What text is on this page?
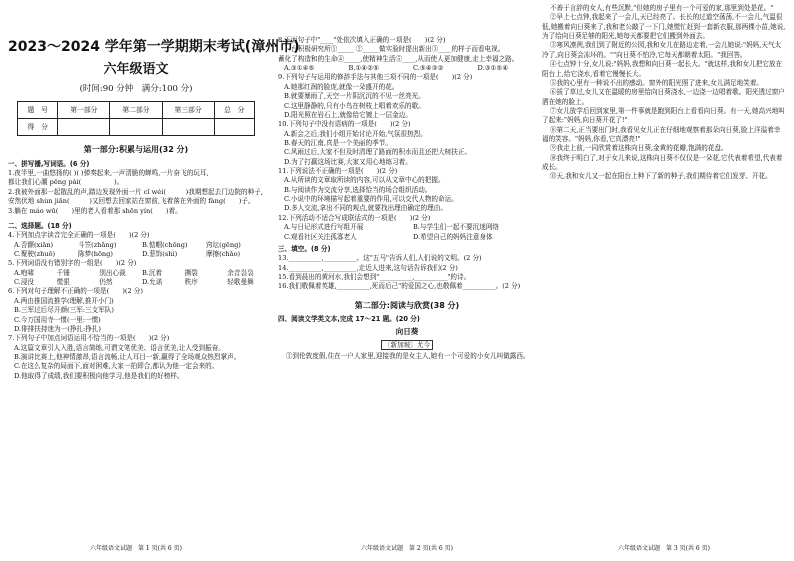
2023～2024 学年第一学期期末考试(漳州市)
六年级语文
(时间:90 分钟　满分:100 分)
题　号	第一部分	第二部分	第三部分	总　分
得　分				
第一部分:积累与运用(32 分)
一、拼写播,写词语。(6 分)
1.夜半里,一曲悠扬的( )( )弹奏起来,一声清脆的蝉鸣,一片奋飞的玩耳,
都让我们心潮 pēng pài(　　　　　)。
2.我被外面那一起散乱的声,踏边发现外面一片 cǐ wéi(　　　)我期想起去门边院的种子,
安然伏地 shùn jiān(　　　)又回想去回家站在窗前,飞着落在外面的 fàng(　　)子。
3.躺在 máo wū(　　)里的老人看着那 shēn yín(　　)着。
二、选择题。(18 分)
4.下列加点字读音完全正确的一项是(　　)(2 分)
A.否颤(xiān)	斗笠(zhǎng)	B.惦帽(chōng)	窍坛(gēng)
C.聚驶(zhuō)	陈梦(hōng)	D.惹饰(shì)	摩擦(chǎo)
5.下列词语没有错别字的一组是(　　)(2 分)
A.咆啸	千锤	别出心裁	B.沉着	撕裂	余音袅袅
C.浸没	慌狠	仍然	D.允诺	秩序	轻歌曼舞
6.下列对句子理解不正确的一项是(　　)(2 分)
A.两由推国流推学(理解,推开小门)
B.三军过后尽开颜(三军:三支军队)
C.今万国用寺一惯(一里:一惯)
D.俳排扶持迷为一(挣扎:挣扎)
7.下列句子中加点词语运用不恰当的一项是(　　)(2 分)
A.这篇文章引人入胜,语言简练,可谓文笔优美、语言优美,让人受到振奋。
B.演讲比赛上,他神情激昂,语言流畅,让人耳目一新,赢得了全场观众热烈掌声。
C.在这么复杂的局面下,面对困难,大家一拍即合,都认为他一定会来的。
D.他取得了成绩,我们要积极向他学习,他是我们的好榜样。
六年级语文试题　第 1 页(共 6 页)
8.下面句子中"____"处依次填入正确的一项是(　　)(2 分)
　　台积极研究所①_____ ②_____做实验时提出新出③____的样子而看电视。
蓄化了构造和的生命④_____,使精神生活⑤____,从而使人更加健康,走上幸福之路。
A.③①④⑤	B.①④②⑤	C.⑤④③②	D.③①⑤④
9.下列句子与运用的修辞手法与其他三项不同的一项是(　　)(2 分)
A.她那红润的脸庞,就像一朵盛开的花。
B.就要暴雨了,天空一片阴沉沉的不见一丝亮光。
C.这里静静的,只有小鸟在树枝上唱着欢乐的歌。
D.阳光照在岩石上,就像给它镀上一层金边。
10.下列句子中没有语病的一项是(　　)(2 分)
A.新会之后,我们小组开始讨论开始,气氛很热烈。
B.春天的江南,真是一个美丽的季节。
C.风雨过后,大家不但及时清理了路面的积水而且还把大树扶正。
D.为了打赢这场比赛,大家又用心地练习着。
11.下列说法不正确的一项是(　　)(2 分)
A.从所读的文章取所读的内容,可以从文章中心的把握。
B.与阅读作为交流分享,选择恰当的场合组织活动。
C.小说中的环境描写起着重要的作用,可以交代人物的命运。
D.多人交流,拿出不同的观点,就要找出理由确定的理由。
12.下列活动不适合写成联话式的一项是(　　)(2 分)
A.与日记形式进行写组开展	B.与学生们一起不要沉迷网络
C.观看社区关注孤寡老人	D.希望自己的妈妈注意身体
三、填空。(8 分)
13.__________,__________。这"五马"告诉人们,人们说的文明。(2 分)
14.__________,__________,走近人进来,这句话告诉我们(2 分)
15.看到晨出的黄河水,我们会想到"__________,__________"的诗。
16.我们敬佩着英雄,__________,死而后己"的爱国之心,也敬佩着__________。(2 分)
第二部分:阅读与欣赏(38 分)
四、阅读文学类文本,完成 17～21 题。(20 分)
向日葵
〔新加坡〕尤今
①到伦敦度假,住在一户人家里,迎接我的是女主人,她有一个可爱的小女儿叫做露西。
六年级语文试题　第 2 页(共 6 页)
不善于言辞的女人,有些沉默,"但她的房子里有一个可爱的家,那里到处是花。"
②早上七点钟,我起来了一会儿,天已经亮了。长长的过道空荡荡,不一会儿,气温很低,她搬着向日葵来了,我和老公敲了一下门,她慌忙赶到一套新衣服,那两棵小苗,她说,为了给向日葵足够的阳光,她每天都要把它们搬到外面去。
③寒风凛冽,我们到了附近的公园,我和女儿在路边走着,一会儿她说:"妈妈,天气太冷了,向日葵会冻坏的。""向日葵不怕冷,它每天都朝着太阳。"我回答。
④七点钟十分,女儿说:"妈妈,我想和向日葵一起长大。"就这样,我和女儿把它放在阳台上,给它浇水,看着它慢慢长大。
⑤我的心里有一种说不出的感动。窗外的阳光照了进来,女儿满足地笑着。
⑥拔了草过,女儿又在温暖的房里给向日葵浇水,一边浇一边唱着歌。阳光透过窗户洒在她的脸上。
⑦女儿放学后回到家里,第一件事就是跑到阳台上看看向日葵。有一天,她高兴地叫了起来:"妈妈,向日葵开花了!"
⑧第二天,正当要出门时,我看见女儿正在仔细地观察着那朵向日葵,脸上洋溢着幸福的笑容。"妈妈,你看,它真漂亮!"
⑨我走上前,一同欣赏着这株向日葵,金黄的花瓣,饱满的花盘。
⑩我终于明白了,对于女儿来说,这株向日葵不仅仅是一朵花,它代表着希望,代表着成长。
⑪天,我和女儿又一起在阳台上种下了新的种子,我们期待着它们发芽、开花。
六年级语文试题　第 3 页(共 6 页)
